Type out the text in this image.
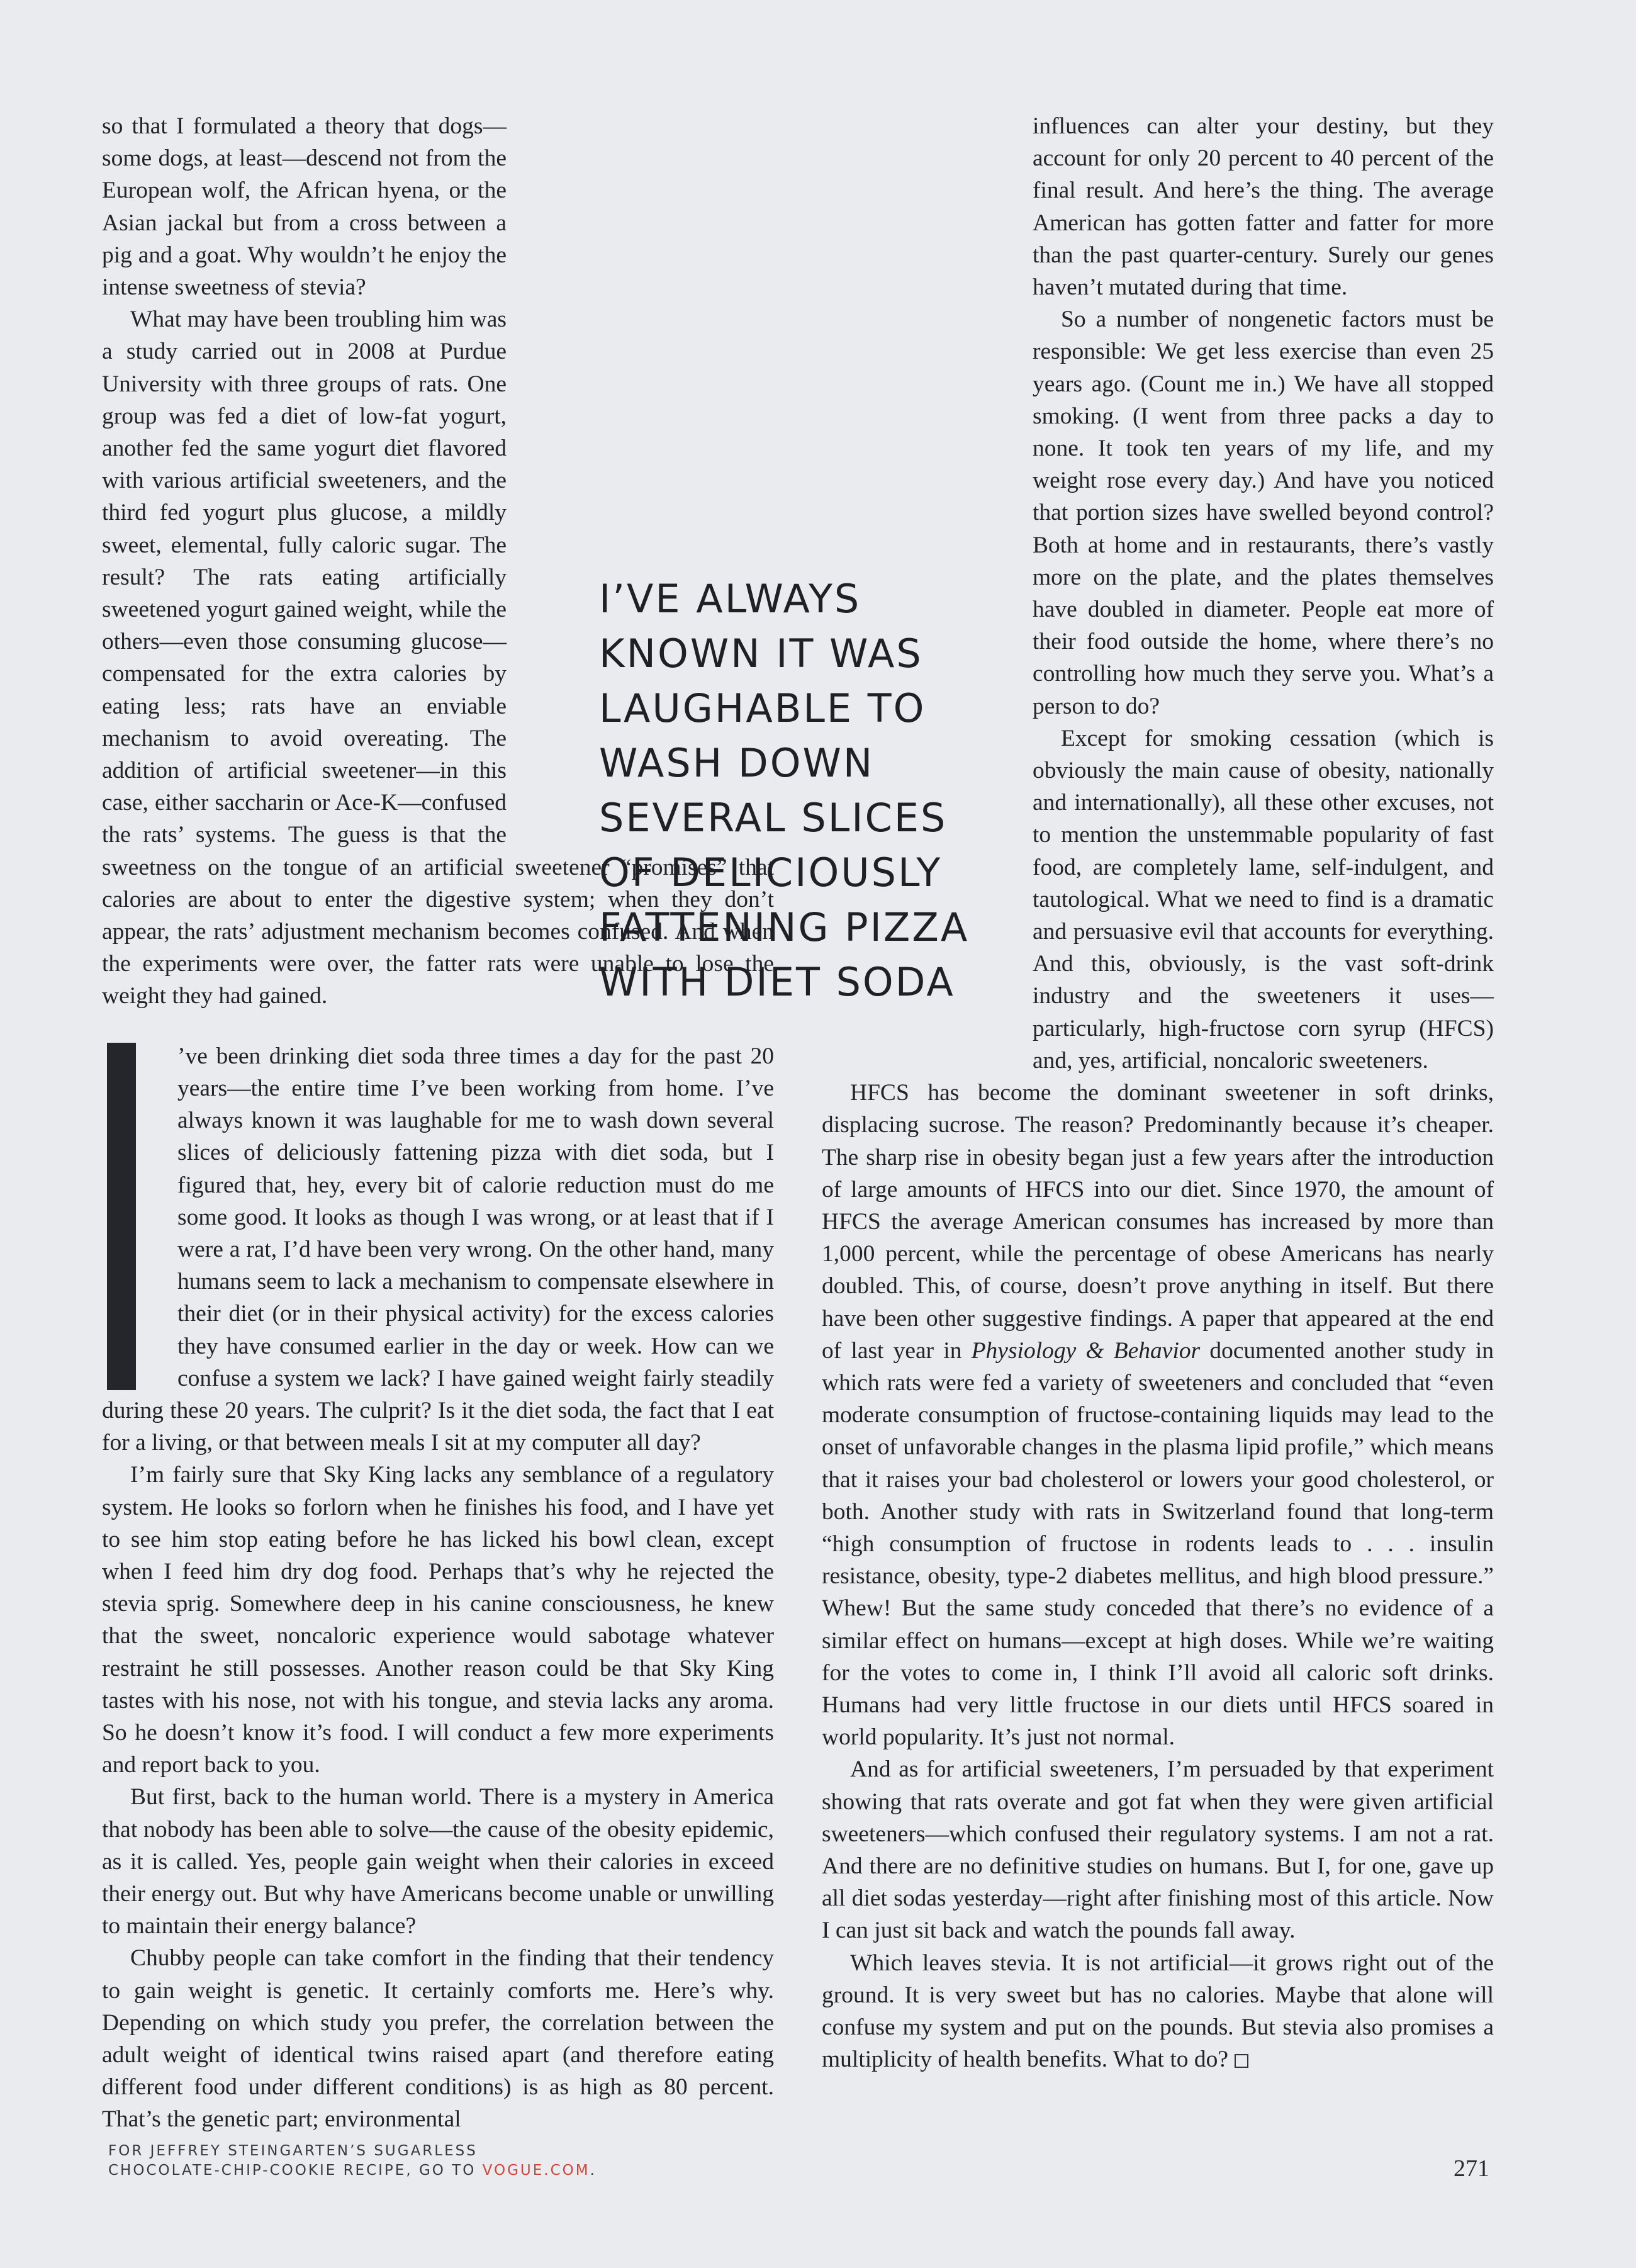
so that I formulated a theory that dogs—some dogs, at least—descend not from the European wolf, the African hyena, or the Asian jackal but from a cross between a pig and a goat. Why wouldn’t he enjoy the intense sweetness of stevia?

What may have been troubling him was a study carried out in 2008 at Purdue University with three groups of rats. One group was fed a diet of low-fat yogurt, another fed the same yogurt diet flavored with various artificial sweeteners, and the third fed yogurt plus glucose, a mildly sweet, elemental, fully caloric sugar. The result? The rats eating artificially sweetened yogurt gained weight, while the others—even those consuming glucose—compensated for the extra calories by eating less; rats have an enviable mechanism to avoid overeating. The addition of artificial sweetener—in this case, either saccharin or Ace-K—confused the rats’ systems. The guess is that the sweetness on the tongue of an artificial sweetener “promises” that calories are about to enter the digestive system; when they don’t appear, the rats’ adjustment mechanism becomes confused. And when the experiments were over, the fatter rats were unable to lose the weight they had gained.

’ve been drinking diet soda three times a day for the past 20 years—the entire time I’ve been working from home. I’ve always known it was laughable for me to wash down several slices of deliciously fattening pizza with diet soda, but I figured that, hey, every bit of calorie reduction must do me some good. It looks as though I was wrong, or at least that if I were a rat, I’d have been very wrong. On the other hand, many humans seem to lack a mechanism to compensate elsewhere in their diet (or in their physical activity) for the excess calories they have consumed earlier in the day or week. How can we confuse a system we lack? I have gained weight fairly steadily during these 20 years. The culprit? Is it the diet soda, the fact that I eat for a living, or that between meals I sit at my computer all day?

I’m fairly sure that Sky King lacks any semblance of a regulatory system. He looks so forlorn when he finishes his food, and I have yet to see him stop eating before he has licked his bowl clean, except when I feed him dry dog food. Perhaps that’s why he rejected the stevia sprig. Somewhere deep in his canine consciousness, he knew that the sweet, noncaloric experience would sabotage whatever restraint he still possesses. Another reason could be that Sky King tastes with his nose, not with his tongue, and stevia lacks any aroma. So he doesn’t know it’s food. I will conduct a few more experiments and report back to you.

But first, back to the human world. There is a mystery in America that nobody has been able to solve—the cause of the obesity epidemic, as it is called. Yes, people gain weight when their calories in exceed their energy out. But why have Americans become unable or unwilling to maintain their energy balance?

Chubby people can take comfort in the finding that their tendency to gain weight is genetic. It certainly comforts me. Here’s why. Depending on which study you prefer, the correlation between the adult weight of identical twins raised apart (and therefore eating different food under different conditions) is as high as 80 percent. That’s the genetic part; environmental

influences can alter your destiny, but they account for only 20 percent to 40 percent of the final result. And here’s the thing. The average American has gotten fatter and fatter for more than the past quarter-century. Surely our genes haven’t mutated during that time.

So a number of nongenetic factors must be responsible: We get less exercise than even 25 years ago. (Count me in.) We have all stopped smoking. (I went from three packs a day to none. It took ten years of my life, and my weight rose every day.) And have you noticed that portion sizes have swelled beyond control? Both at home and in restaurants, there’s vastly more on the plate, and the plates themselves have doubled in diameter. People eat more of their food outside the home, where there’s no controlling how much they serve you. What’s a person to do?

Except for smoking cessation (which is obviously the main cause of obesity, nationally and internationally), all these other excuses, not to mention the unstemmable popularity of fast food, are completely lame, self-indulgent, and tautological. What we need to find is a dramatic and persuasive evil that accounts for everything. And this, obviously, is the vast soft-drink industry and the sweeteners it uses—particularly, high-fructose corn syrup (HFCS) and, yes, artificial, noncaloric sweeteners.

HFCS has become the dominant sweetener in soft drinks, displacing sucrose. The reason? Predominantly because it’s cheaper. The sharp rise in obesity began just a few years after the introduction of large amounts of HFCS into our diet. Since 1970, the amount of HFCS the average American consumes has increased by more than 1,000 percent, while the percentage of obese Americans has nearly doubled. This, of course, doesn’t prove anything in itself. But there have been other suggestive findings. A paper that appeared at the end of last year in Physiology & Behavior documented another study in which rats were fed a variety of sweeteners and concluded that “even moderate consumption of fructose-containing liquids may lead to the onset of unfavorable changes in the plasma lipid profile,” which means that it raises your bad cholesterol or lowers your good cholesterol, or both. Another study with rats in Switzerland found that long-term “high consumption of fructose in rodents leads to . . . insulin resistance, obesity, type-2 diabetes mellitus, and high blood pressure.” Whew! But the same study conceded that there’s no evidence of a similar effect on humans—except at high doses. While we’re waiting for the votes to come in, I think I’ll avoid all caloric soft drinks. Humans had very little fructose in our diets until HFCS soared in world popularity. It’s just not normal.

And as for artificial sweeteners, I’m persuaded by that experiment showing that rats overate and got fat when they were given artificial sweeteners—which confused their regulatory systems. I am not a rat. And there are no definitive studies on humans. But I, for one, gave up all diet sodas yesterday—right after finishing most of this article. Now I can just sit back and watch the pounds fall away.

Which leaves stevia. It is not artificial—it grows right out of the ground. It is very sweet but has no calories. Maybe that alone will confuse my system and put on the pounds. But stevia also promises a multiplicity of health benefits. What to do?

I’VE ALWAYS KNOWN IT WAS LAUGHABLE TO WASH DOWN SEVERAL SLICES OF DELICIOUSLY FATTENING PIZZA WITH DIET SODA
FOR JEFFREY STEINGARTEN’S SUGARLESS
CHOCOLATE-CHIP-COOKIE RECIPE, GO TO VOGUE.COM.	271
